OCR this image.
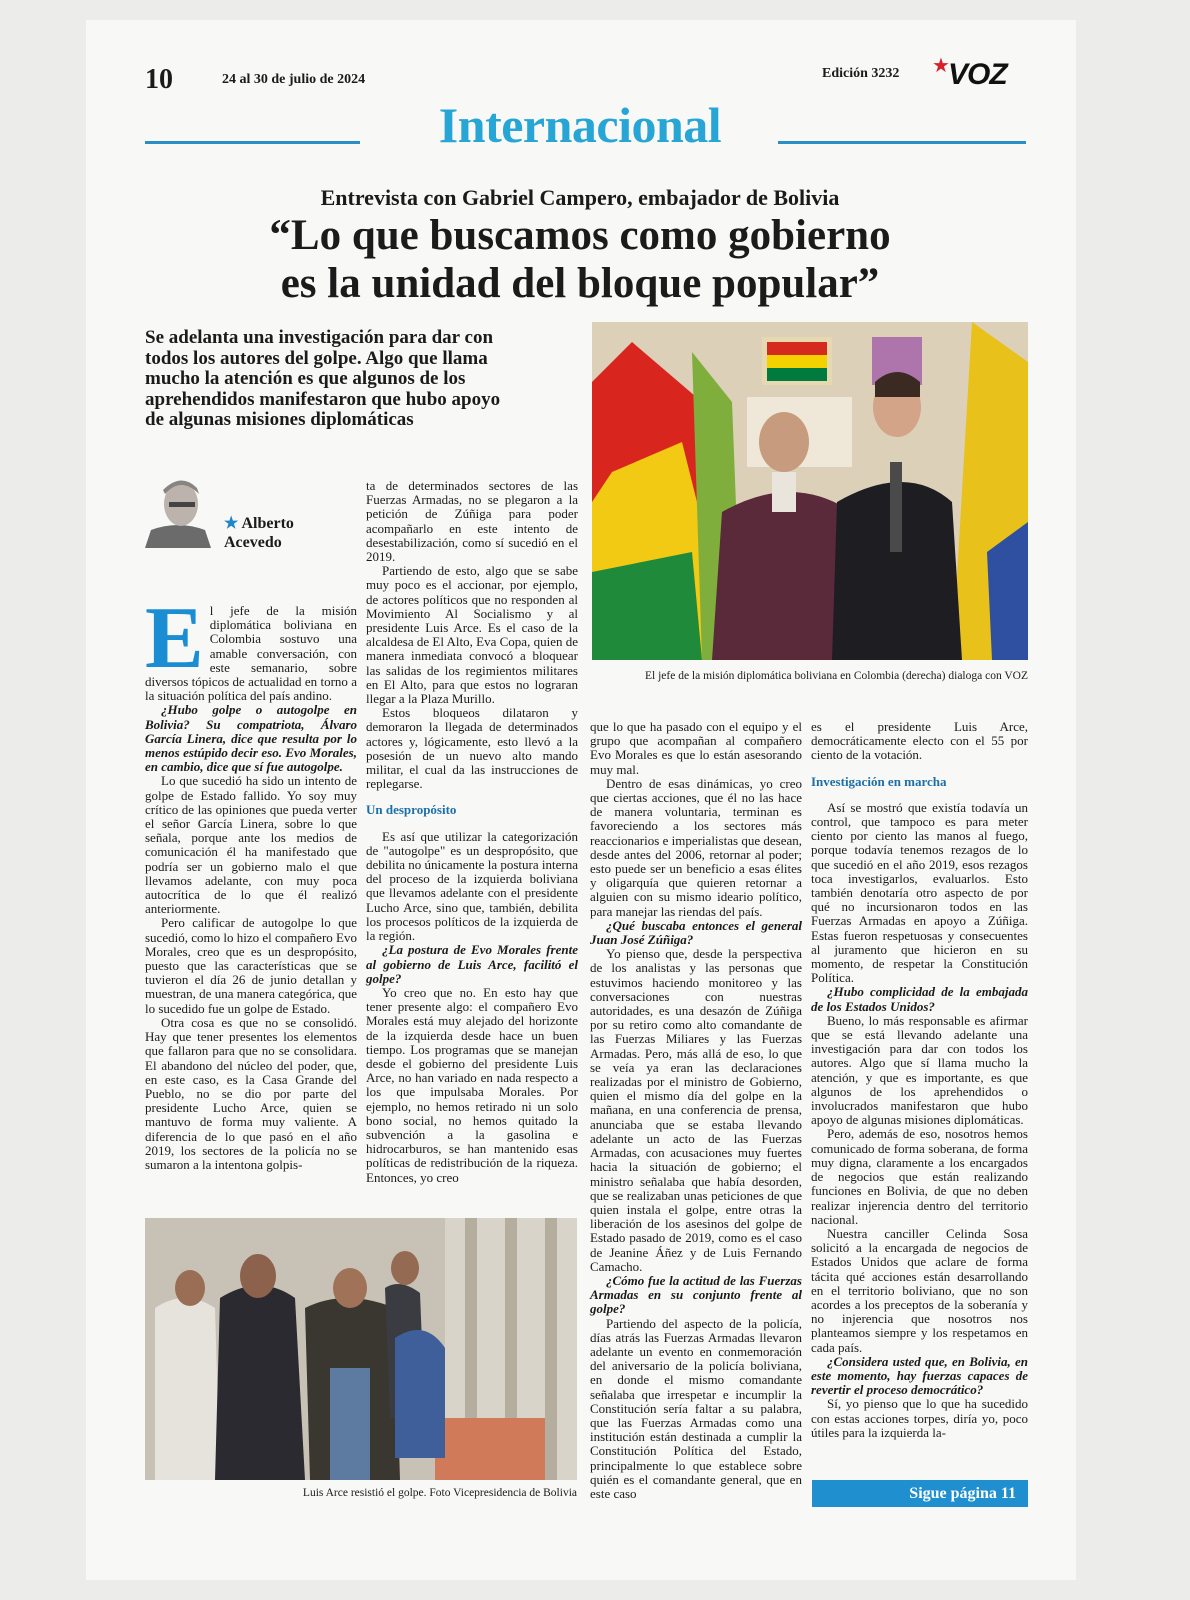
10	24 al 30 de julio de 2024	Edición 3232 ★
VOZ
Internacional
Entrevista con Gabriel Campero, embajador de Bolivia
“Lo que buscamos como gobierno
es la unidad del bloque popular”
Se adelanta una investigación para dar con todos los autores del golpe. Algo que llama mucho la atención es que algunos de los aprehendidos manifestaron que hubo apoyo de algunas misiones diplomáticas
El jefe de la misión diplomática boliviana en Colombia (derecha) dialoga con VOZ
★ Alberto
Acevedo

El jefe de la misión diplomática boliviana en Colombia sostuvo una amable conversación, con este semanario, sobre diversos tópicos de actualidad en torno a la situación política del país andino.

¿Hubo golpe o autogolpe en Bolivia? Su compatriota, Álvaro García Linera, dice que resulta por lo menos estúpido decir eso. Evo Morales, en cambio, dice que sí fue autogolpe.

Lo que sucedió ha sido un intento de golpe de Estado fallido. Yo soy muy crítico de las opiniones que pueda verter el señor García Linera, sobre lo que señala, porque ante los medios de comunicación él ha manifestado que podría ser un gobierno malo el que llevamos adelante, con muy poca autocrítica de lo que él realizó anteriormente.

Pero calificar de autogolpe lo que sucedió, como lo hizo el compañero Evo Morales, creo que es un despropósito, puesto que las características que se tuvieron el día 26 de junio detallan y muestran, de una manera categórica, que lo sucedido fue un golpe de Estado.

Otra cosa es que no se consolidó. Hay que tener presentes los elementos que fallaron para que no se consolidara. El abandono del núcleo del poder, que, en este caso, es la Casa Grande del Pueblo, no se dio por parte del presidente Lucho Arce, quien se mantuvo de forma muy valiente. A diferencia de lo que pasó en el año 2019, los sectores de la policía no se sumaron a la intentona golpis-

ta de determinados sectores de las Fuerzas Armadas, no se plegaron a la petición de Zúñiga para poder acompañarlo en este intento de desestabilización, como sí sucedió en el 2019.

Partiendo de esto, algo que se sabe muy poco es el accionar, por ejemplo, de actores políticos que no responden al Movimiento Al Socialismo y al presidente Luis Arce. Es el caso de la alcaldesa de El Alto, Eva Copa, quien de manera inmediata convocó a bloquear las salidas de los regimientos militares en El Alto, para que estos no lograran llegar a la Plaza Murillo.

Estos bloqueos dilataron y demoraron la llegada de determinados actores y, lógicamente, esto llevó a la posesión de un nuevo alto mando militar, el cual da las instrucciones de replegarse.

Un despropósito

Es así que utilizar la categorización de "autogolpe" es un despropósito, que debilita no únicamente la postura interna del proceso de la izquierda boliviana que llevamos adelante con el presidente Lucho Arce, sino que, también, debilita los procesos políticos de la izquierda de la región.

¿La postura de Evo Morales frente al gobierno de Luis Arce, facilitó el golpe?

Yo creo que no. En esto hay que tener presente algo: el compañero Evo Morales está muy alejado del horizonte de la izquierda desde hace un buen tiempo. Los programas que se manejan desde el gobierno del presidente Luis Arce, no han variado en nada respecto a los que impulsaba Morales. Por ejemplo, no hemos retirado ni un solo bono social, no hemos quitado la subvención a la gasolina e hidrocarburos, se han mantenido esas políticas de redistribución de la riqueza. Entonces, yo creo

que lo que ha pasado con el equipo y el grupo que acompañan al compañero Evo Morales es que lo están asesorando muy mal.

Dentro de esas dinámicas, yo creo que ciertas acciones, que él no las hace de manera voluntaria, terminan es favoreciendo a los sectores más reaccionarios e imperialistas que desean, desde antes del 2006, retornar al poder; esto puede ser un beneficio a esas élites y oligarquía que quieren retornar a alguien con su mismo ideario político, para manejar las riendas del país.

¿Qué buscaba entonces el general Juan José Zúñiga?

Yo pienso que, desde la perspectiva de los analistas y las personas que estuvimos haciendo monitoreo y las conversaciones con nuestras autoridades, es una desazón de Zúñiga por su retiro como alto comandante de las Fuerzas Miliares y las Fuerzas Armadas. Pero, más allá de eso, lo que se veía ya eran las declaraciones realizadas por el ministro de Gobierno, quien el mismo día del golpe en la mañana, en una conferencia de prensa, anunciaba que se estaba llevando adelante un acto de las Fuerzas Armadas, con acusaciones muy fuertes hacia la situación de gobierno; el ministro señalaba que había desorden, que se realizaban unas peticiones de que quien instala el golpe, entre otras la liberación de los asesinos del golpe de Estado pasado de 2019, como es el caso de Jeanine Áñez y de Luis Fernando Camacho.

¿Cómo fue la actitud de las Fuerzas Armadas en su conjunto frente al golpe?

Partiendo del aspecto de la policía, días atrás las Fuerzas Armadas llevaron adelante un evento en conmemoración del aniversario de la policía boliviana, en donde el mismo comandante señalaba que irrespetar e incumplir la Constitución sería faltar a su palabra, que las Fuerzas Armadas como una institución están destinada a cumplir la Constitución Política del Estado, principalmente lo que establece sobre quién es el comandante general, que en este caso

es el presidente Luis Arce, democráticamente electo con el 55 por ciento de la votación.

Investigación en marcha

Así se mostró que existía todavía un control, que tampoco es para meter ciento por ciento las manos al fuego, porque todavía tenemos rezagos de lo que sucedió en el año 2019, esos rezagos toca investigarlos, evaluarlos. Esto también denotaría otro aspecto de por qué no incursionaron todos en las Fuerzas Armadas en apoyo a Zúñiga. Estas fueron respetuosas y consecuentes al juramento que hicieron en su momento, de respetar la Constitución Política.

¿Hubo complicidad de la embajada de los Estados Unidos?

Bueno, lo más responsable es afirmar que se está llevando adelante una investigación para dar con todos los autores. Algo que sí llama mucho la atención, y que es importante, es que algunos de los aprehendidos o involucrados manifestaron que hubo apoyo de algunas misiones diplomáticas.

Pero, además de eso, nosotros hemos comunicado de forma soberana, de forma muy digna, claramente a los encargados de negocios que están realizando funciones en Bolivia, de que no deben realizar injerencia dentro del territorio nacional.

Nuestra canciller Celinda Sosa solicitó a la encargada de negocios de Estados Unidos que aclare de forma tácita qué acciones están desarrollando en el territorio boliviano, que no son acordes a los preceptos de la soberanía y no injerencia que nosotros nos planteamos siempre y los respetamos en cada país.

¿Considera usted que, en Bolivia, en este momento, hay fuerzas capaces de revertir el proceso democrático?

Sí, yo pienso que lo que ha sucedido con estas acciones torpes, diría yo, poco útiles para la izquierda la-

Luis Arce resistió el golpe. Foto Vicepresidencia de Bolivia	Sigue página 11
